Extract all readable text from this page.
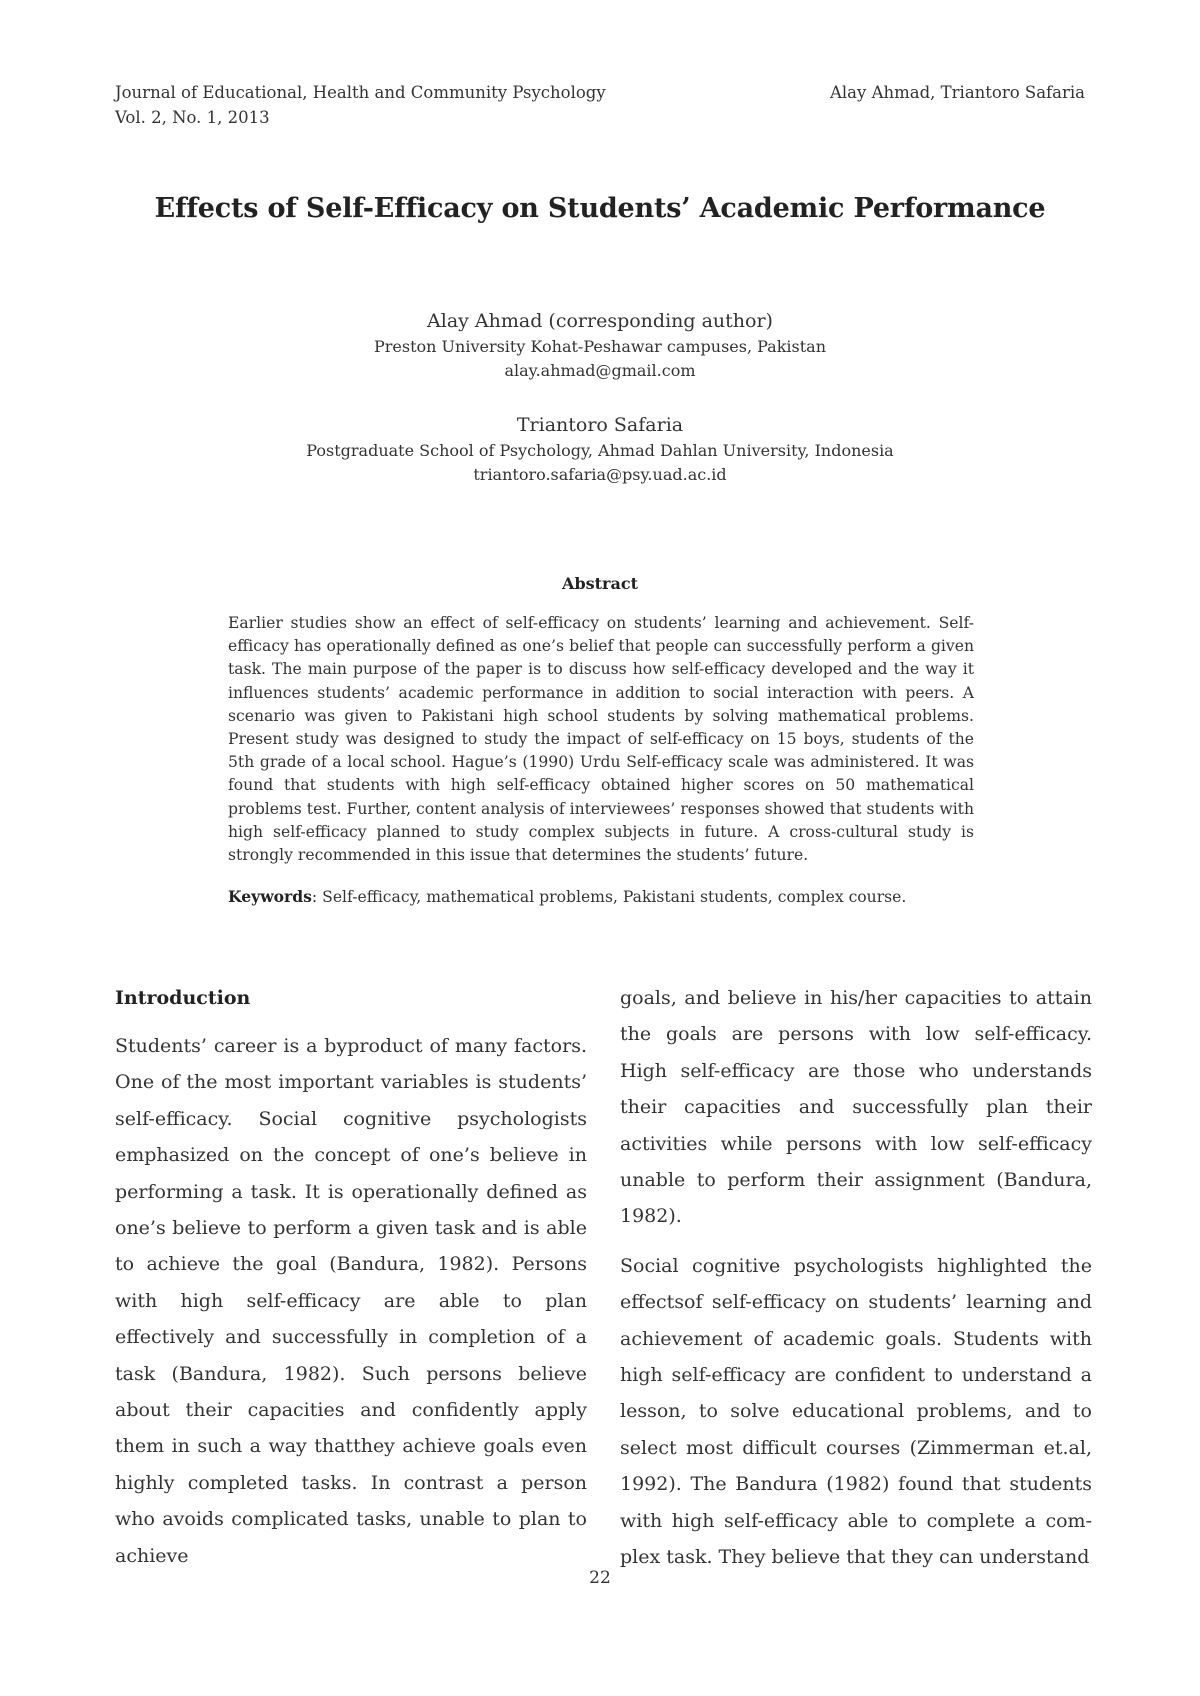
Journal of Educational, Health and Community Psychology
Vol. 2, No. 1, 2013
Alay Ahmad, Triantoro Safaria
Effects of Self-Efficacy on Students’ Academic Performance
Alay Ahmad (corresponding author)
Preston University Kohat-Peshawar campuses, Pakistan
alay.ahmad@gmail.com
Triantoro Safaria
Postgraduate School of Psychology, Ahmad Dahlan University, Indonesia
triantoro.safaria@psy.uad.ac.id
Abstract
Earlier studies show an effect of self-efficacy on students’ learning and achievement. Self-efficacy has operationally defined as one’s belief that people can successfully perform a given task. The main purpose of the paper is to discuss how self-efficacy developed and the way it influences students’ academic performance in addition to social interaction with peers. A scenario was given to Pakistani high school students by solving mathematical problems. Present study was designed to study the impact of self-efficacy on 15 boys, students of the 5th grade of a local school. Hague’s (1990) Urdu Self-efficacy scale was administered. It was found that students with high self-efficacy obtained higher scores on 50 mathematical problems test. Further, content analysis of interviewees’ responses showed that students with high self-efficacy planned to study complex subjects in future. A cross-cultural study is strongly recommended in this issue that determines the students’ future.
Keywords: Self-efficacy, mathematical problems, Pakistani students, complex course.
Introduction

Students’ career is a byproduct of many factors. One of the most important variables is students’ self-efficacy. Social cognitive psychologists emphasized on the concept of one’s believe in performing a task. It is operationally defined as one’s believe to perform a given task and is able to achieve the goal (Bandura, 1982). Persons with high self-efficacy are able to plan effectively and successfully in completion of a task (Bandura, 1982). Such persons believe about their capacities and confidently apply them in such a way thatthey achieve goals even highly completed tasks. In contrast a person who avoids complicated tasks, unable to plan to achieve

goals, and believe in his/her capacities to attain the goals are persons with low self-efficacy. High self-efficacy are those who understands their capacities and successfully plan their activities while persons with low self-efficacy unable to perform their assignment (Bandura, 1982).

Social cognitive psychologists highlighted the effectsof self-efficacy on students’ learning and achievement of academic goals. Students with high self-efficacy are confident to understand a lesson, to solve educational problems, and to select most difficult courses (Zimmerman et.al, 1992). The Bandura (1982) found that students with high self-efficacy able to complete a com-plex task. They believe that they can understand

22
